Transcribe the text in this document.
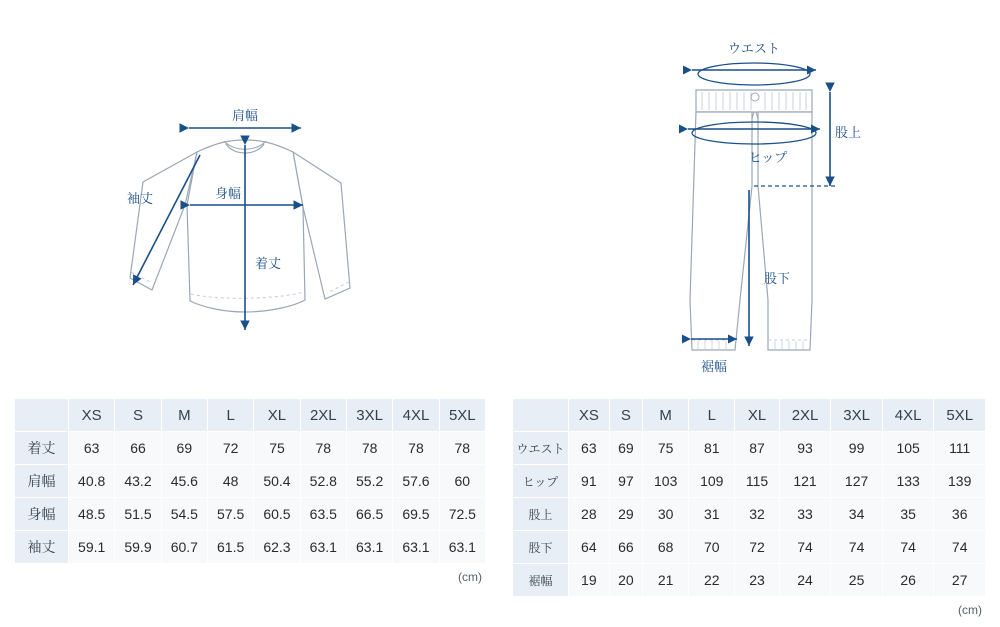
肩幅
袖丈	身幅
着丈
ウエスト
ヒップ
股上
股下
裾幅
	XS	S	M	L	XL	2XL	3XL	4XL	5XL
着丈	63	66	69	72	75	78	78	78	78
肩幅	40.8	43.2	45.6	48	50.4	52.8	55.2	57.6	60
身幅	48.5	51.5	54.5	57.5	60.5	63.5	66.5	69.5	72.5
袖丈	59.1	59.9	60.7	61.5	62.3	63.1	63.1	63.1	63.1
(cm)
	XS	S	M	L	XL	2XL	3XL	4XL	5XL
ウエスト	63	69	75	81	87	93	99	105	111
ヒップ	91	97	103	109	115	121	127	133	139
股上	28	29	30	31	32	33	34	35	36
股下	64	66	68	70	72	74	74	74	74
裾幅	19	20	21	22	23	24	25	26	27
(cm)
